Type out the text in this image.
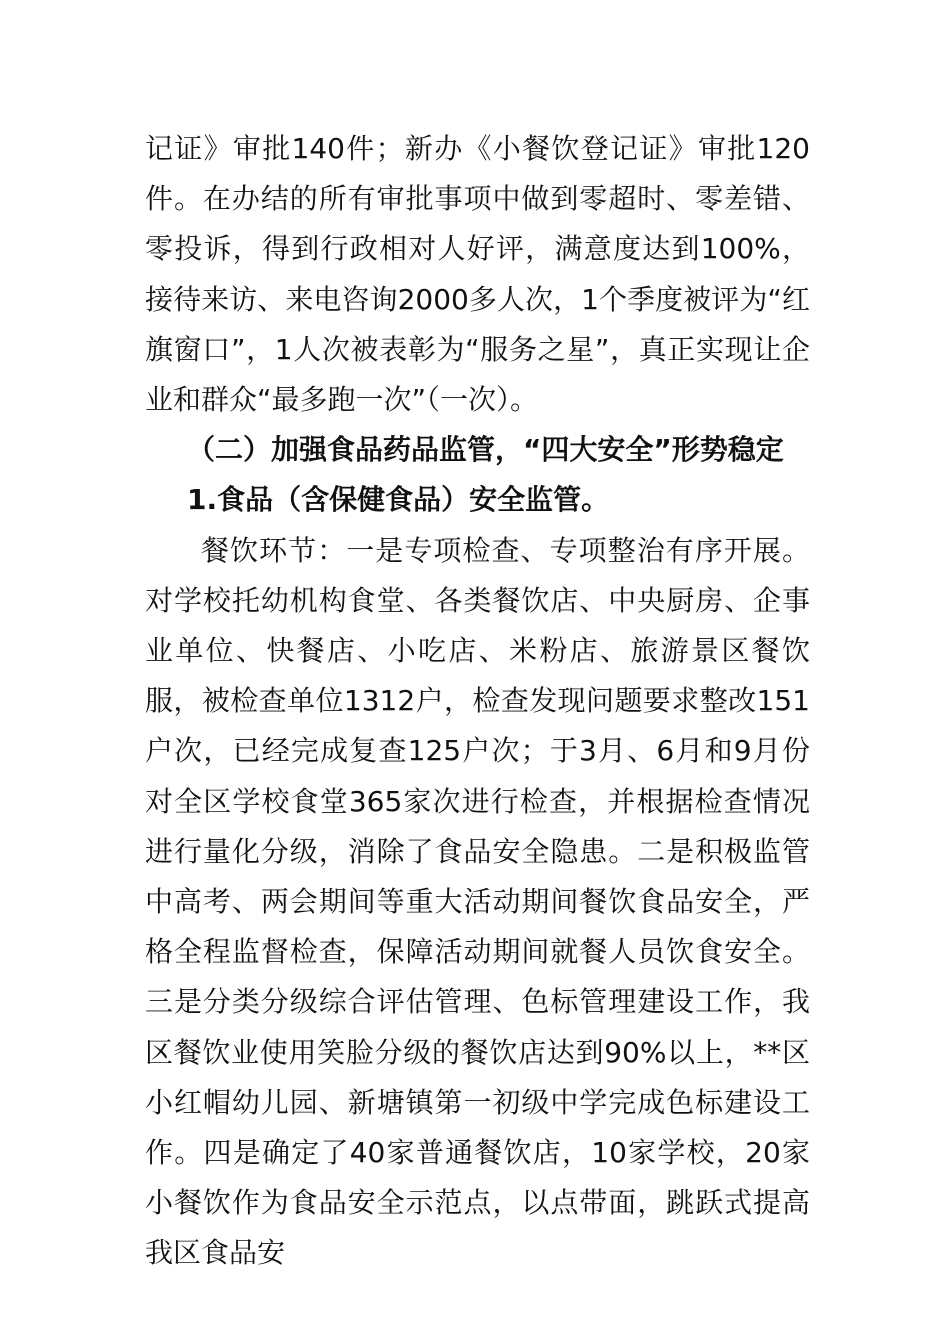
记证》审批140件；新办《小餐饮登记证》审批120件。在办结的所有审批事项中做到零超时、零差错、零投诉，得到行政相对人好评，满意度达到100%，接待来访、来电咨询2000多人次，1个季度被评为“红旗窗口”，1人次被表彰为“服务之星”，真正实现让企业和群众“最多跑一次”（一次）。

（二）加强食品药品监管，“四大安全”形势稳定

1.食品（含保健食品）安全监管。

餐饮环节：一是专项检查、专项整治有序开展。对学校托幼机构食堂、各类餐饮店、中央厨房、企事业单位、快餐店、小吃店、米粉店、旅游景区餐饮服，被检查单位1312户，检查发现问题要求整改151户次，已经完成复查125户次；于3月、6月和9月份对全区学校食堂365家次进行检查，并根据检查情况进行量化分级，消除了食品安全隐患。二是积极监管中高考、两会期间等重大活动期间餐饮食品安全，严格全程监督检查，保障活动期间就餐人员饮食安全。三是分类分级综合评估管理、色标管理建设工作，我区餐饮业使用笑脸分级的餐饮店达到90%以上，**区小红帽幼儿园、新塘镇第一初级中学完成色标建设工作。四是确定了40家普通餐饮店，10家学校，20家小餐饮作为食品安全示范点，以点带面，跳跃式提高我区食品安
